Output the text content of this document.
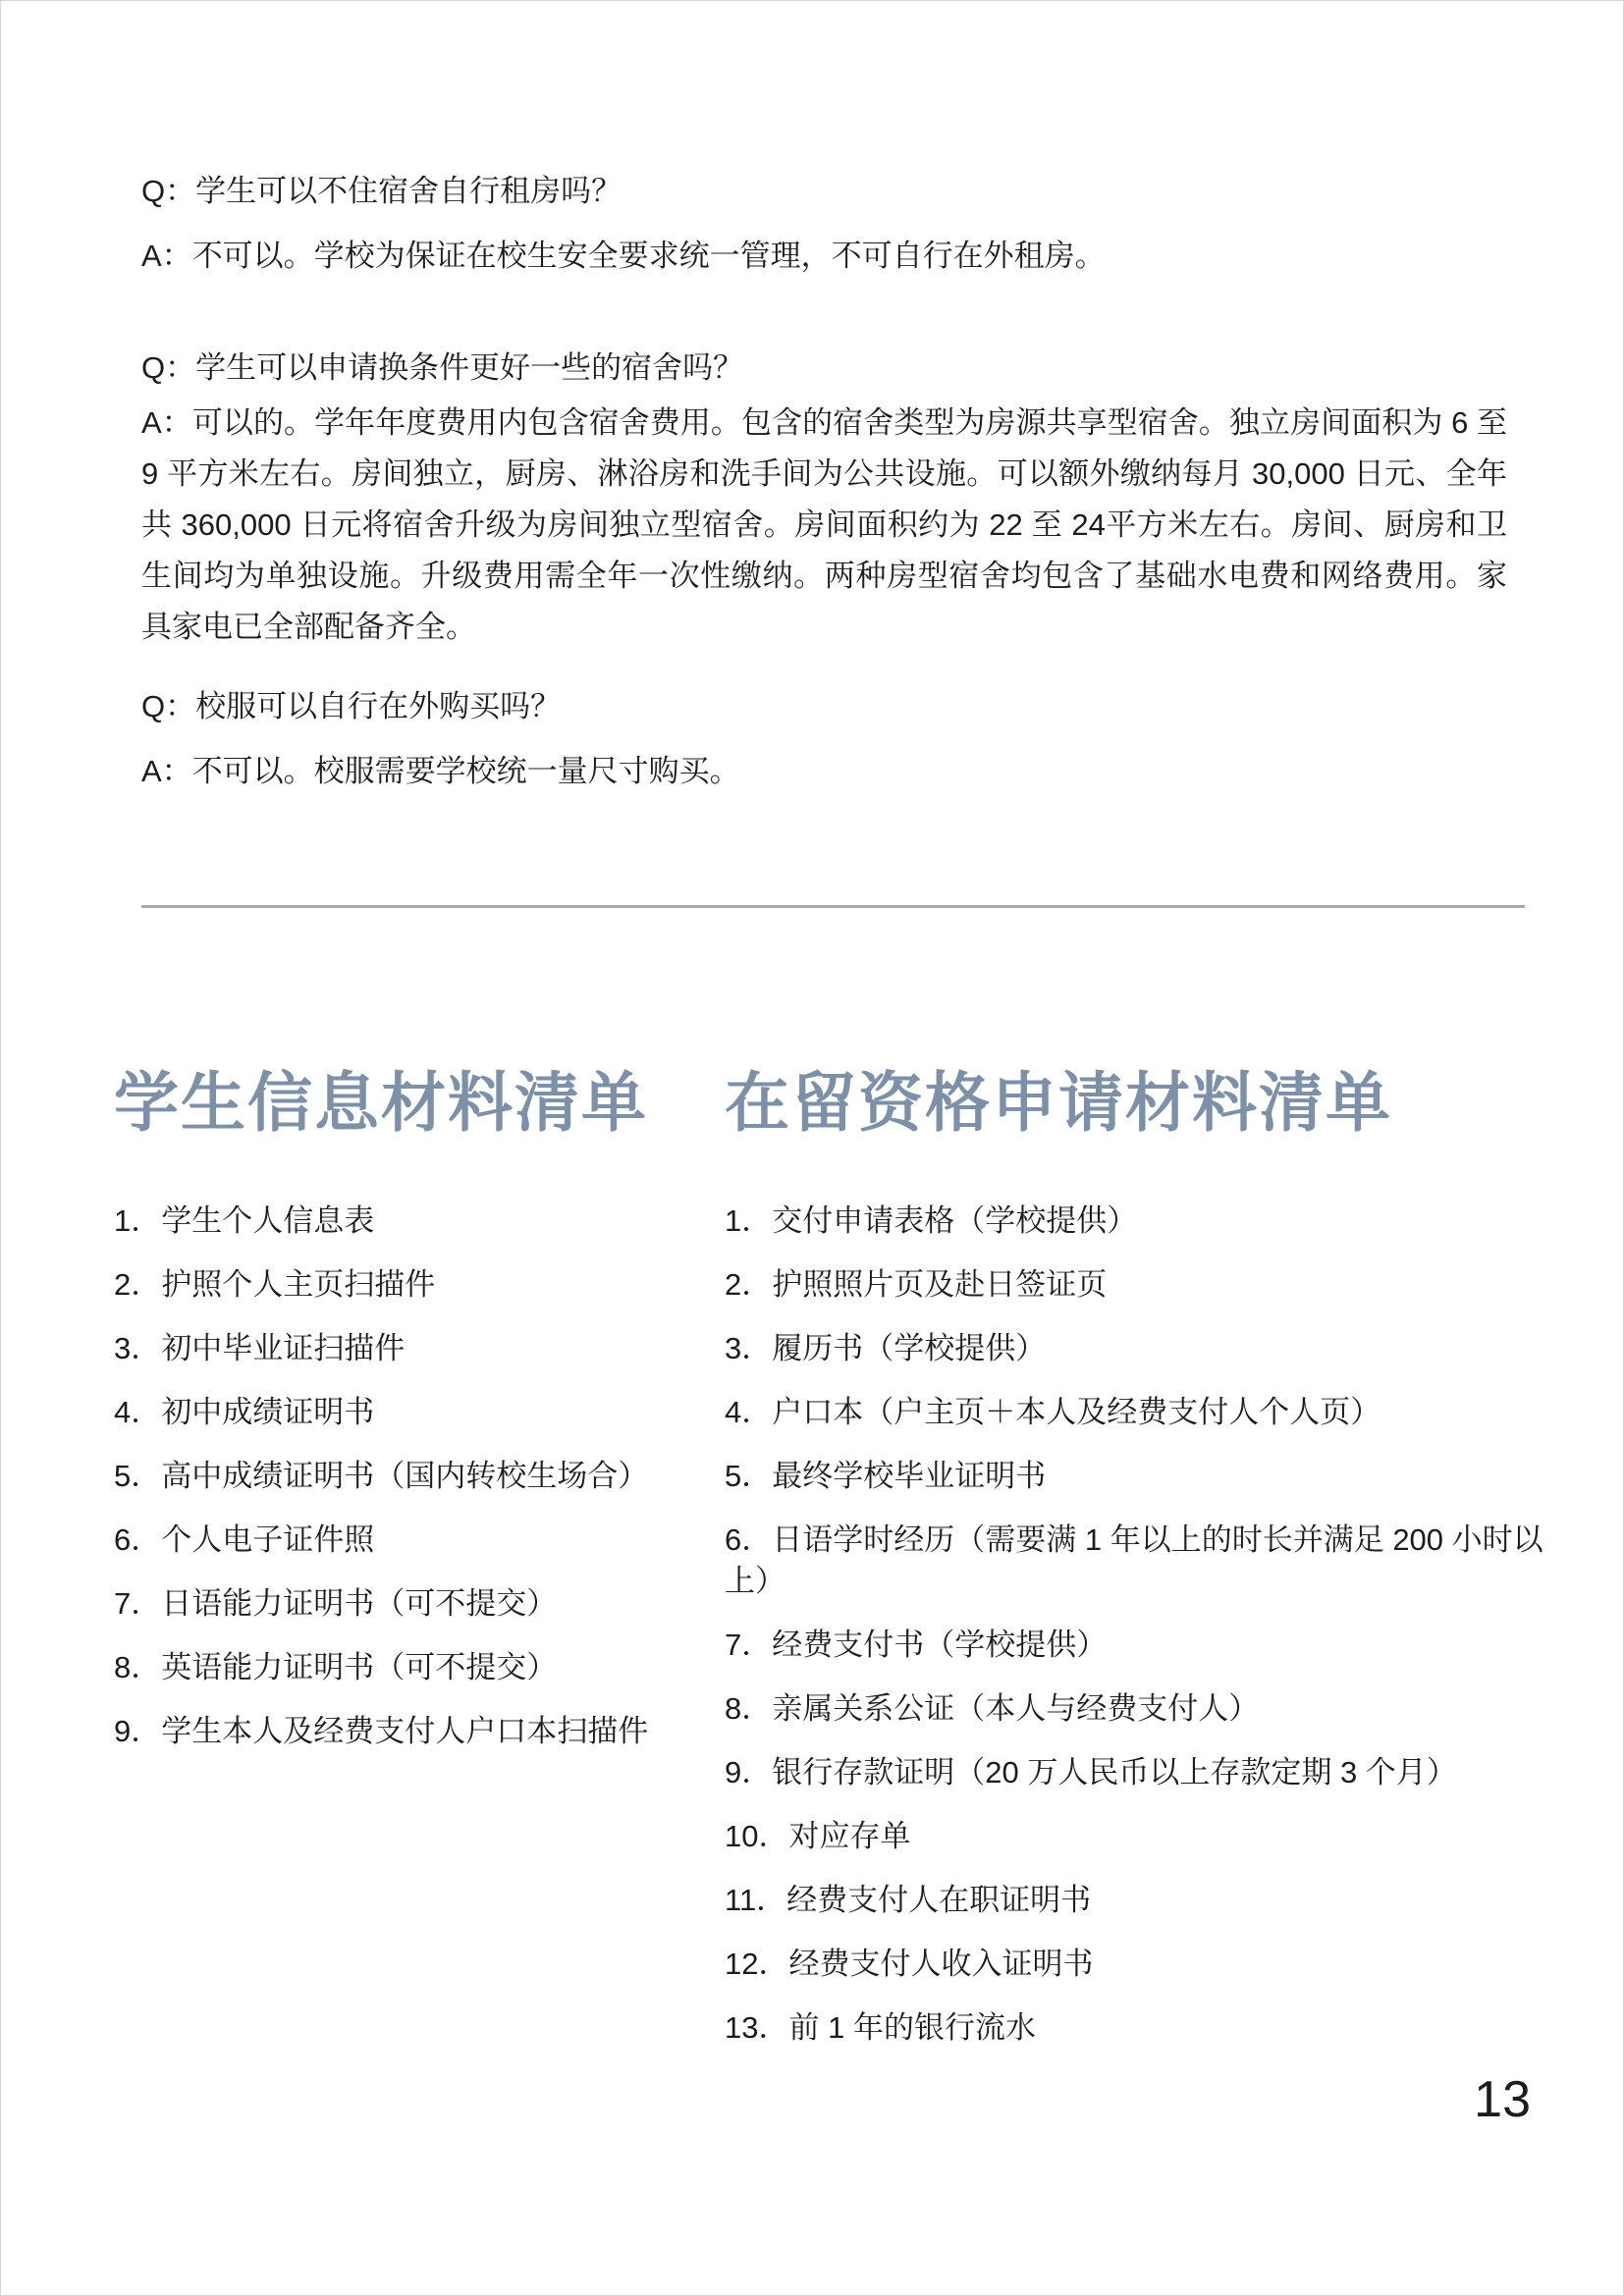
Q：学生可以不住宿舍自行租房吗？

A：不可以。学校为保证在校生安全要求统一管理，不可自行在外租房。

Q：学生可以申请换条件更好一些的宿舍吗？

A：可以的。学年年度费用内包含宿舍费用。包含的宿舍类型为房源共享型宿舍。独立房间面积为 6 至 9 平方米左右。房间独立，厨房、淋浴房和洗手间为公共设施。可以额外缴纳每月 30,000 日元、全年共 360,000 日元将宿舍升级为房间独立型宿舍。房间面积约为 22 至 24平方米左右。房间、厨房和卫生间均为单独设施。升级费用需全年一次性缴纳。两种房型宿舍均包含了基础水电费和网络费用。家具家电已全部配备齐全。

Q：校服可以自行在外购买吗？

A：不可以。校服需要学校统一量尺寸购买。

学生信息材料清单	在留资格申请材料清单
1．学生个人信息表
2．护照个人主页扫描件
3．初中毕业证扫描件
4．初中成绩证明书
5．高中成绩证明书（国内转校生场合）
6．个人电子证件照
7．日语能力证明书（可不提交）
8．英语能力证明书（可不提交）
9．学生本人及经费支付人户口本扫描件
1．交付申请表格（学校提供）
2．护照照片页及赴日签证页
3．履历书（学校提供）
4．户口本（户主页＋本人及经费支付人个人页）
5．最终学校毕业证明书
6．日语学时经历（需要满 1 年以上的时长并满足 200 小时以上）
7．经费支付书（学校提供）
8．亲属关系公证（本人与经费支付人）
9．银行存款证明（20 万人民币以上存款定期 3 个月）
10．对应存单
11．经费支付人在职证明书
12．经费支付人收入证明书
13．前 1 年的银行流水
13
